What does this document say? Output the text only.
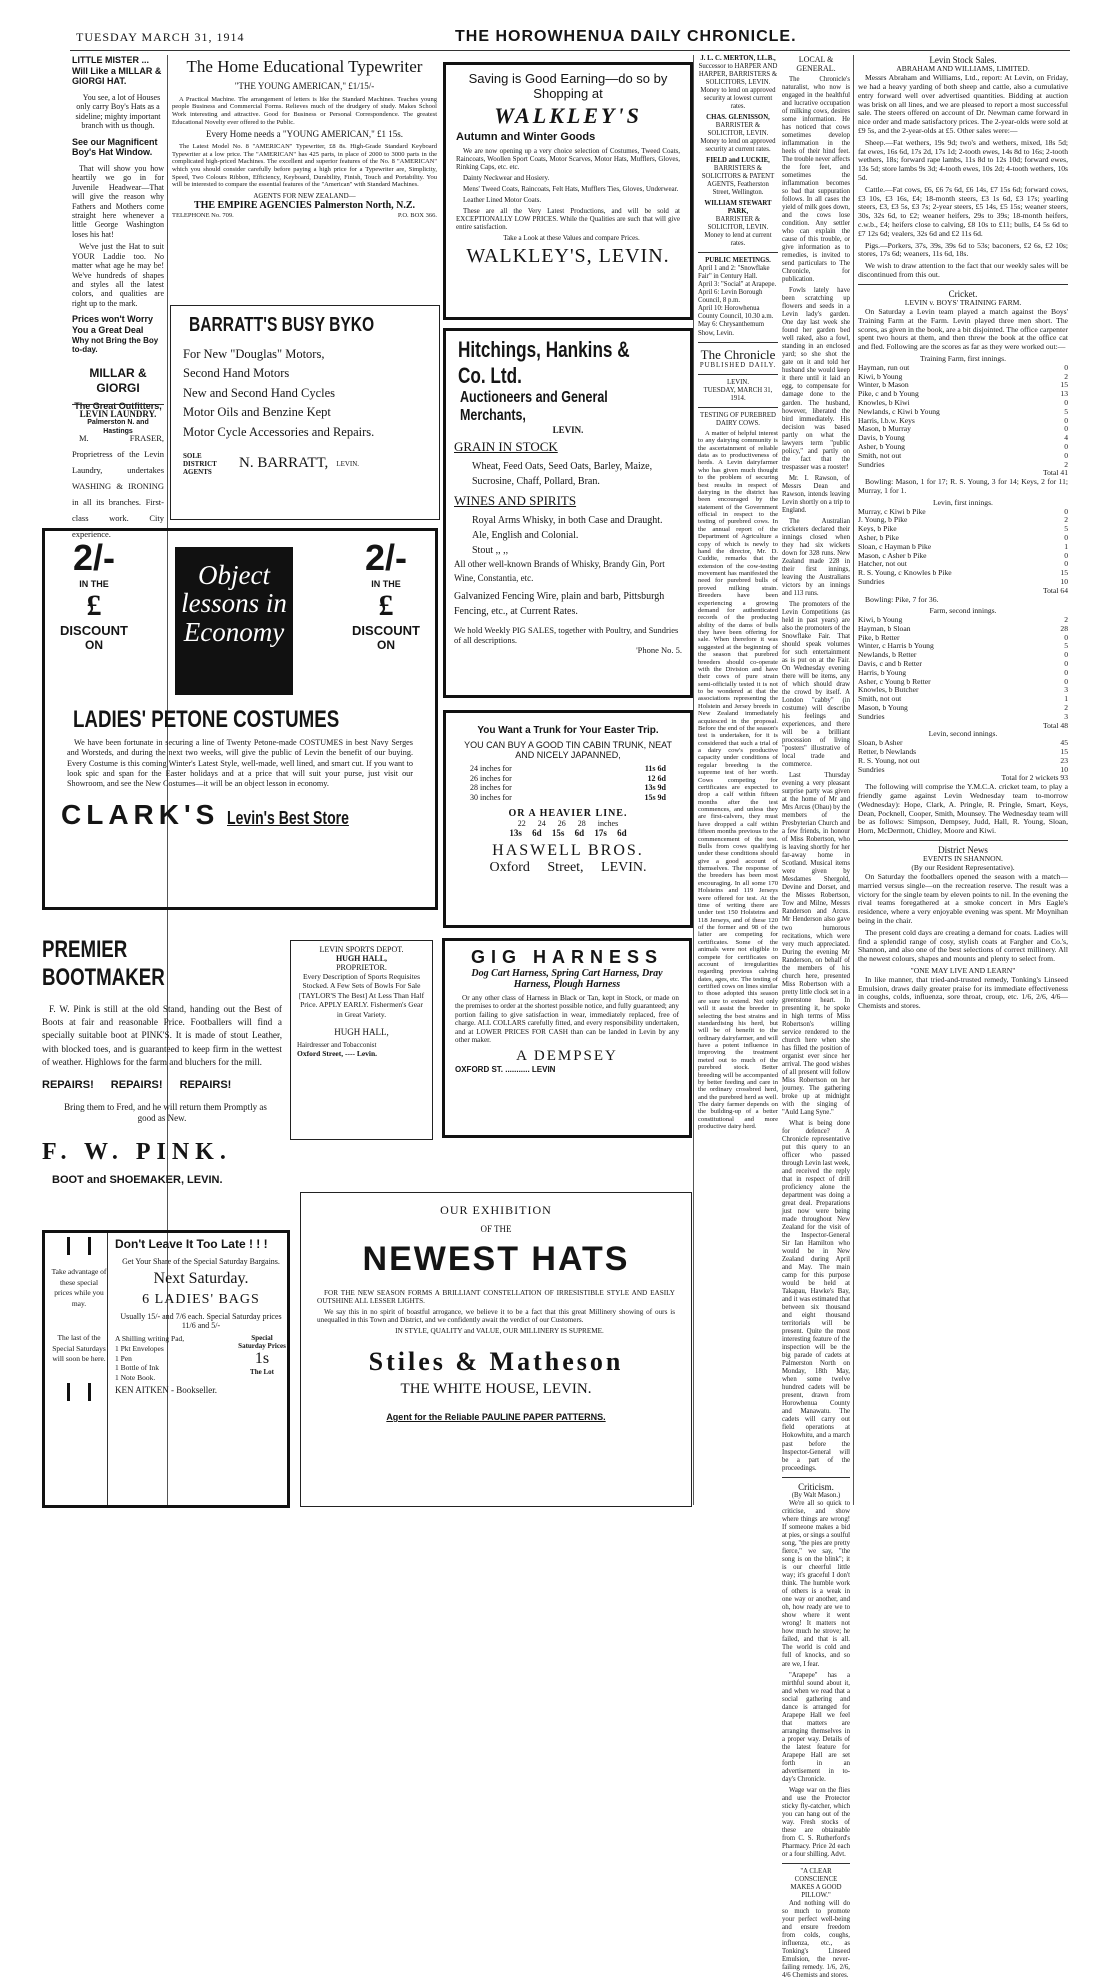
TUESDAY MARCH 31, 1914	THE HOROWHENUA DAILY CHRONICLE.
LITTLE MISTER ...
Will Like a MILLAR & GIORGI HAT.

You see, a lot of Houses only carry Boy's Hats as a sideline; mighty important branch with us though.

See our Magnificent Boy's Hat Window.

That will show you how heartily we go in for Juvenile Headwear—That will give the reason why Fathers and Mothers come straight here whenever a little George Washington loses his hat!

We've just the Hat to suit YOUR Laddie too. No matter what age he may be! We've hundreds of shapes and styles all the latest colors, and qualities are right up to the mark.

Prices won't Worry You a Great Deal
Why not Bring the Boy to-day.
MILLAR & GIORGI
The Great Outfitters,
Palmerston N. and Hastings
LEVIN LAUNDRY.

M. FRASER, Proprietress of the Levin Laundry, undertakes WASHING & IRONING in all its branches. First-class work. City experience.

The Home Educational Typewriter
"THE YOUNG AMERICAN," £1/15/-

A Practical Machine. The arrangement of letters is like the Standard Machines. Teaches young people Business and Commercial Forms. Relieves much of the drudgery of study. Makes School Work interesting and attractive. Good for Business or Personal Correspondence. The greatest Educational Novelty ever offered to the Public.

Every Home needs a "YOUNG AMERICAN," £1 15s.

The Latest Model No. 8 "AMERICAN" Typewriter, £8 8s. High-Grade Standard Keyboard Typewriter at a low price. The "AMERICAN" has 425 parts, in place of 2000 to 3000 parts in the complicated high-priced Machines. The excellent and superior features of the No. 8 "AMERICAN" which you should consider carefully before paying a high price for a Typewriter are, Simplicity, Speed, Two Colours Ribbon, Efficiency, Keyboard, Durability, Finish, Touch and Portability. You will be interested to compare the essential features of the "American" with Standard Machines.

AGENTS FOR NEW ZEALAND—
THE EMPIRE AGENCIES Palmerston North, N.Z.
TELEPHONE No. 709.	P.O. BOX 366.
BARRATT'S BUSY BYKO
For New "Douglas" Motors,
Second Hand Motors
New and Second Hand Cycles
Motor Oils and Benzine Kept
Motor Cycle Accessories and Repairs.
SOLE DISTRICT AGENTS
N. BARRATT, LEVIN.
Saving is Good Earning—do so by Shopping at
WALKLEY'S
Autumn and Winter Goods

We are now opening up a very choice selection of Costumes, Tweed Coats, Raincoats, Woollen Sport Coats, Motor Scarves, Motor Hats, Mufflers, Gloves, Rinking Caps, etc. etc.

Dainty Neckwear and Hosiery.

Mens' Tweed Coats, Raincoats, Felt Hats, Mufflers Ties, Gloves, Underwear.

Leather Lined Motor Coats.

These are all the Very Latest Productions, and will be sold at EXCEPTIONALLY LOW PRICES. While the Qualities are such that will give entire satisfaction.

Take a Look at these Values and compare Prices.

WALKLEY'S, LEVIN.
Hitchings, Hankins & Co. Ltd.
Auctioneers and General Merchants,
LEVIN.
GRAIN IN STOCK
Wheat, Feed Oats, Seed Oats, Barley, Maize, Sucrosine, Chaff, Pollard, Bran.
WINES AND SPIRITS
Royal Arms Whisky, in both Case and Draught.
Ale, English and Colonial.
Stout ,, ,,
All other well-known Brands of Whisky, Brandy Gin, Port Wine, Constantia, etc.
Galvanized Fencing Wire, plain and barb, Pittsburgh Fencing, etc., at Current Rates.
We hold Weekly PIG SALES, together with Poultry, and Sundries of all descriptions.
'Phone No. 5.
2/-
IN THE
£
DISCOUNT
ON
Object lessons in Economy
2/-
IN THE
£
DISCOUNT
ON
LADIES' PETONE COSTUMES

We have been fortunate in securing a line of Twenty Petone-made COSTUMES in best Navy Serges and Worsteds, and during the next two weeks, will give the public of Levin the benefit of our buying. Every Costume is this coming Winter's Latest Style, well-made, well lined, and smart cut. If you want to look spic and span for the Easter holidays and at a price that will suit your purse, just visit our Showroom, and see the New Costumes—it will be an object lesson in economy.

CLARK'S Levin's Best Store
You Want a Trunk for Your Easter Trip.
YOU CAN BUY A GOOD TIN CABIN TRUNK, NEAT AND NICELY JAPANNED,
24 inches for	11s 6d
26 inches for	12 6d
28 inches for	13s 9d
30 inches for	15s 9d
OR A HEAVIER LINE.
22 24 26 28 inches
13s 6d 15s 6d 17s 6d
HASWELL BROS.
Oxford Street, LEVIN.
PREMIER BOOTMAKER

F. W. Pink is still at the old Stand, handing out the Best of Boots at fair and reasonable Price. Footballers will find a specially suitable boot at PINK'S. It is made of stout Leather, with blocked toes, and is guaranteed to keep firm in the wettest of weather. Highlows for the farm and bluchers for the mill.

REPAIRS! REPAIRS! REPAIRS!

Bring them to Fred, and he will return them Promptly as good as New.

F. W. PINK.
BOOT and SHOEMAKER, LEVIN.
LEVIN SPORTS DEPOT.
HUGH HALL,
PROPRIETOR.
Every Description of Sports Requisites Stocked. A Few Sets of Bowls For Sale [TAYLOR'S The Best] At Less Than Half Price. APPLY EARLY. Fishermen's Gear in Great Variety.
HUGH HALL,
Hairdresser and Tobacconist
Oxford Street, ---- Levin.
GIG HARNESS
Dog Cart Harness, Spring Cart Harness, Dray Harness, Plough Harness

Or any other class of Harness in Black or Tan, kept in Stock, or made on the premises to order at the shortest possible notice, and fully guaranteed; any portion failing to give satisfaction in wear, immediately replaced, free of charge. ALL COLLARS carefully fitted, and every responsibility undertaken, and at LOWER PRICES FOR CASH than can be landed in Levin by any other maker.

A DEMPSEY
OXFORD ST. ........... LEVIN
OUR EXHIBITION
OF THE
NEWEST HATS

FOR THE NEW SEASON FORMS A BRILLIANT CONSTELLATION OF IRRESISTIBLE STYLE AND EASILY OUTSHINE ALL LESSER LIGHTS.

We say this in no spirit of boastful arrogance, we believe it to be a fact that this great Millinery showing of ours is unequalled in this Town and District, and we confidently await the verdict of our Customers.

IN STYLE, QUALITY and VALUE, OUR MILLINERY IS SUPREME.

Stiles & Matheson
THE WHITE HOUSE, LEVIN.
Agent for the Reliable PAULINE PAPER PATTERNS.
Take advantage of these special prices while you may.
The last of the Special Saturdays will soon be here.
Don't Leave It Too Late ! ! !
Get Your Share of the Special Saturday Bargains.
Next Saturday.
6 LADIES' BAGS
Usually 15/- and 7/6 each. Special Saturday prices 11/6 and 5/-
A Shilling writing Pad,
1 Pkt Envelopes
1 Pen
1 Bottle of Ink
1 Note Book.
Special Saturday Prices
1s
The Lot
KEN AITKEN - Bookseller.
J. L. C. MERTON, LL.B.,
Successor to HARPER AND HARPER, BARRISTERS & SOLICITORS, LEVIN. Money to lend on approved security at lowest current rates.
CHAS. GLENISSON,
BARRISTER & SOLICITOR, LEVIN. Money to lend on approved security at current rates.
FIELD and LUCKIE,
BARRISTERS & SOLICITORS & PATENT AGENTS, Featherston Street, Wellington.
WILLIAM STEWART PARK,
BARRISTER & SOLICITOR, LEVIN. Money to lend at current rates.
PUBLIC MEETINGS.
April 1 and 2: "Snowflake Fair" in Century Hall.
April 3: "Social" at Arapepe.
April 6: Levin Borough Council, 8 p.m.
April 10: Horowhenua County Council, 10.30 a.m.
May 6: Chrysanthemum Show, Levin.
The Chronicle
PUBLISHED DAILY.
LEVIN.
TUESDAY, MARCH 31, 1914.
TESTING OF PUREBRED DAIRY COWS.

A matter of helpful interest to any dairying community is the ascertainment of reliable data as to productiveness of herds. A Levin dairyfarmer who has given much thought to the problem of securing best results in respect of dairying in the district has been encouraged by the statement of the Government official in respect to the testing of purebred cows. In the annual report of the Department of Agriculture a copy of which is newly to hand the director, Mr. D. Cuddie, remarks that the extension of the cow-testing movement has manifested the need for purebred bulls of proved milking strain. Breeders have been experiencing a growing demand for authenticated records of the producing ability of the dams of bulls they have been offering for sale. When therefore it was suggested at the beginning of the season that purebred breeders should co-operate with the Division and have their cows of pure strain semi-officially tested it is not to be wondered at that the associations representing the Holstein and Jersey breeds in New Zealand immediately acquiesced in the proposal. Before the end of the season's test is undertaken, for it is considered that such a trial of a dairy cow's productive capacity under conditions of regular breeding is the supreme test of her worth. Cows competing for certificates are expected to drop a calf within fifteen months after the test commences, and unless they are first-calvers, they must have dropped a calf within fifteen months previous to the commencement of the test. Bulls from cows qualifying under these conditions should give a good account of themselves. The response of the breeders has been most encouraging. In all some 170 Holsteins and 119 Jerseys were offered for test. At the time of writing there are under test 150 Holsteins and 118 Jerseys, and of these 120 of the former and 98 of the latter are competing for certificates. Some of the animals were not eligible to compete for certificates on account of irregularities regarding previous calving dates, ages, etc. The testing of certified cows on lines similar to those adopted this season are sure to extend. Not only will it assist the breeder in selecting the best strains and standardising his herd, but will be of benefit to the ordinary dairyfarmer, and will have a potent influence in improving the treatment meted out to much of the purebred stock. Better breeding will be accompanied by better feeding and care in the ordinary crossbred herd, and the purebred herd as well. The dairy farmer depends on the building-up of a better constitutional and more productive dairy herd.

LOCAL & GENERAL.

The Chronicle's naturalist, who now is engaged in the healthful and lucrative occupation of milking cows, desires some information. He has noticed that cows sometimes develop inflammation in the heels of their hind feet. The trouble never affects the fore feet, and sometimes the inflammation becomes so bad that suppuration follows. In all cases the yield of milk goes down, and the cows lose condition. Any settler who can explain the cause of this trouble, or give information as to remedies, is invited to send particulars to The Chronicle, for publication.

Fowls lately have been scratching up flowers and seeds in a Levin lady's garden. One day last week she found her garden bed well raked, also a fowl, standing in an enclosed yard; so she shot the gate on it and told her husband she would keep it there until it laid an egg, to compensate for damage done to the garden. The husband, however, liberated the bird immediately. His decision was based partly on what the lawyers term "public policy," and partly on the fact that the trespasser was a rooster!

Mr. I. Rawson, of Messrs Dean and Rawson, intends leaving Levin shortly on a trip to England.

The Australian cricketers declared their innings closed when they had six wickets down for 328 runs. New Zealand made 228 in their first innings, leaving the Australians victors by an innings and 113 runs.

The promoters of the Levin Competitions (as held in past years) are also the promoters of the Snowflake Fair. That should speak volumes for such entertainment as is put on at the Fair. On Wednesday evening there will be items, any of which should draw the crowd by itself. A London "cabby" (in costume) will describe his feelings and experiences, and there will be a brilliant procession of living "posters" illustrative of local trade and commerce.

Last Thursday evening a very pleasant surprise party was given at the home of Mr and Mrs Arcus (Ohau) by the members of the Presbyterian Church and a few friends, in honour of Miss Robertson, who is leaving shortly for her far-away home in Scotland. Musical items were given by Mesdames Shergold, Devine and Dorset, and the Misses Robertson, Tow and Milne, Messrs Randerson and Arcus. Mr Henderson also gave two humorous recitations, which were very much appreciated. During the evening Mr Randerson, on behalf of the members of his church here, presented Miss Robertson with a pretty little clock set in a greenstone heart. In presenting it, he spoke in high terms of Miss Robertson's willing service rendered to the church here when she has filled the position of organist ever since her arrival. The good wishes of all present will follow Miss Robertson on her journey. The gathering broke up at midnight with the singing of "Auld Lang Syne."

What is being done for defence? A Chronicle representative put this query to an officer who passed through Levin last week, and received the reply that in respect of drill proficiency alone the department was doing a great deal. Preparations just now were being made throughout New Zealand for the visit of the Inspector-General Sir Ian Hamilton who would be in New Zealand during April and May. The main camp for this purpose would be held at Takapau, Hawke's Bay, and it was estimated that between six thousand and eight thousand territorials will be present. Quite the most interesting feature of the inspection will be the big parade of cadets at Palmerston North on Monday, 18th May, when some twelve hundred cadets will be present, drawn from Horowhenua County and Manawatu. The cadets will carry out field operations at Hokowhitu, and a march past before the Inspector-General will be a part of the proceedings.

Criticism.
(By Walt Mason.)

We're all so quick to criticise, and show where things are wrong! If someone makes a bid at pies, or sings a soulful song, "the pies are pretty fierce," we say, "the song is on the blink"; it is our cheerful little way; it's graceful I don't think. The humble work of others is a weak in one way or another, and oh, how ready are we to show where it went wrong! It matters not how much he strove; he failed, and that is all. The world is cold and full of knocks, and so are we, I fear.

"Arapepe" has a mirthful sound about it, and when we read that a social gathering and dance is arranged for Arapepe Hall we feel that matters are arranging themselves in a proper way. Details of the latest feature for Arapepe Hall are set forth in an advertisement in to-day's Chronicle.

Wage war on the flies and use the Protector sticky fly-catcher, which you can hang out of the way. Fresh stocks of these are obtainable from C. S. Rutherford's Pharmacy. Price 2d each or a four shilling. Advt.

"A CLEAR CONSCIENCE MAKES A GOOD PILLOW."

And nothing will do so much to promote your perfect well-being and ensure freedom from colds, coughs, influenza, etc., as Tonking's Linseed Emulsion, the never-failing remedy. 1/6, 2/6, 4/6 Chemists and stores.

Levin Stock Sales.
ABRAHAM AND WILLIAMS, LIMITED.

Messrs Abraham and Williams, Ltd., report: At Levin, on Friday, we had a heavy yarding of both sheep and cattle, also a cumulative entry forward well over advertised quantities. Bidding at auction was brisk on all lines, and we are pleased to report a most successful sale. The steers offered on account of Dr. Newman came forward in nice order and made satisfactory prices. The 2-year-olds were sold at £9 5s, and the 2-year-olds at £5. Other sales were:—

Sheep.—Fat wethers, 19s 9d; two's and wethers, mixed, 18s 5d; fat ewes, 16s 6d, 17s 2d, 17s 1d; 2-tooth ewes, 14s 8d to 16s; 2-tooth wethers, 18s; forward rape lambs, 11s 8d to 12s 10d; forward ewes, 13s 5d; store lambs 9s 3d; 4-tooth ewes, 10s 2d; 4-tooth wethers, 10s 5d.

Cattle.—Fat cows, £6, £6 7s 6d, £6 14s, £7 15s 6d; forward cows, £3 10s, £3 16s, £4; 18-month steers, £3 1s 6d, £3 17s; yearling steers, £3, £3 5s, £3 7s; 2-year steers, £5 14s, £5 15s; weaner steers, 30s, 32s 6d, to £2; weaner heifers, 29s to 39s; 18-month heifers, c.w.b., £4; heifers close to calving, £8 10s to £11; bulls, £4 5s 6d to £7 12s 6d; vealers, 32s 6d and £2 11s 6d.

Pigs.—Porkers, 37s, 39s, 39s 6d to 53s; baconers, £2 6s, £2 10s; stores, 17s 6d; weaners, 11s 6d, 18s.

We wish to draw attention to the fact that our weekly sales will be discontinued from this out.

Cricket.
LEVIN v. BOYS' TRAINING FARM.

On Saturday a Levin team played a match against the Boys' Training Farm at the Farm. Levin played three men short. The scores, as given in the book, are a bit disjointed. The office carpenter spent two hours at them, and then threw the book at the office cat and fled. Following are the scores as far as they were worked out:—

Training Farm, first innings.
Hayman, run out	0
Kiwi, b Young	2
Winter, b Mason	15
Pike, c and b Young	13
Knowles, b Kiwi	0
Newlands, c Kiwi b Young	5
Harris, l.b.w. Keys	0
Mason, b Murray	0
Davis, b Young	4
Asher, b Young	0
Smith, not out	0
Sundries	2
Total 41

Bowling: Mason, 1 for 17; R. S. Young, 3 for 14; Keys, 2 for 11; Murray, 1 for 1.

Levin, first innings.
Murray, c Kiwi b Pike	0
J. Young, b Pike	2
Keys, b Pike	5
Asher, b Pike	0
Sloan, c Hayman b Pike	1
Mason, c Asher b Pike	0
Hatcher, not out	0
R. S. Young, c Knowles b Pike	15
Sundries	10
Total 64

Bowling: Pike, 7 for 36.

Farm, second innings.
Kiwi, b Young	2
Hayman, b Sloan	28
Pike, b Retter	0
Winter, c Harris b Young	5
Newlands, b Retter	0
Davis, c and b Retter	0
Harris, b Young	0
Asher, c Young b Retter	0
Knowles, b Butcher	3
Smith, not out	1
Mason, b Young	2
Sundries	3
Total 48
Levin, second innings.
Sloan, b Asher	45
Retter, b Newlands	15
R. S. Young, not out	23
Sundries	10
Total for 2 wickets 93

The following will comprise the Y.M.C.A. cricket team, to play a friendly game against Levin Wednesday team to-morrow (Wednesday): Hope, Clark, A. Pringle, R. Pringle, Smart, Keys, Dean, Pocknell, Cooper, Smith, Mounsey. The Wednesday team will be as follows: Simpson, Dempsey, Judd, Hall, R. Young, Sloan, Horn, McDermott, Chidley, Moore and Kiwi.

District News
EVENTS IN SHANNON.
(By our Resident Representative).

On Saturday the footballers opened the season with a match—married versus single—on the recreation reserve. The result was a victory for the single team by eleven points to nil. In the evening the rival teams foregathered at a smoke concert in Mrs Eagle's residence, where a very enjoyable evening was spent. Mr Moynihan being in the chair.

The present cold days are creating a demand for coats. Ladies will find a splendid range of cosy, stylish coats at Fargher and Co.'s, Shannon, and also one of the best selections of correct millinery. All the newest colours, shapes and mounts and plenty to select from.

"ONE MAY LIVE AND LEARN"

In like manner, that tried-and-trusted remedy, Tonking's Linseed Emulsion, draws daily greater praise for its immediate effectiveness in coughs, colds, influenza, sore throat, croup, etc. 1/6, 2/6, 4/6—Chemists and stores.
